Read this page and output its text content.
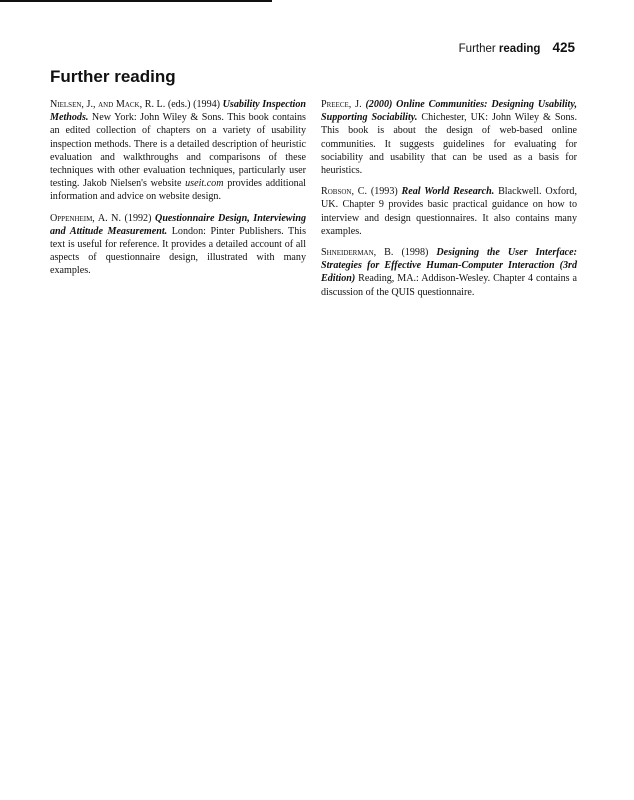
Further reading 425
Further reading

Nielsen, J., and Mack, R. L. (eds.) (1994) Usability Inspection Methods. New York: John Wiley & Sons. This book contains an edited collection of chapters on a variety of usability inspection methods. There is a detailed description of heuristic evaluation and walkthroughs and comparisons of these techniques with other evaluation techniques, particularly user testing. Jakob Nielsen's website useit.com provides additional information and advice on website design.

Oppenheim, A. N. (1992) Questionnaire Design, Interviewing and Attitude Measurement. London: Pinter Publishers. This text is useful for reference. It provides a detailed account of all aspects of questionnaire design, illustrated with many examples.

Preece, J. (2000) Online Communities: Designing Usability, Supporting Sociability. Chichester, UK: John Wiley & Sons. This book is about the design of web-based online communities. It suggests guidelines for evaluating for sociability and usability that can be used as a basis for heuristics.

Robson, C. (1993) Real World Research. Blackwell. Oxford, UK. Chapter 9 provides basic practical guidance on how to interview and design questionnaires. It also contains many examples.

Shneiderman, B. (1998) Designing the User Interface: Strategies for Effective Human-Computer Interaction (3rd Edition) Reading, MA.: Addison-Wesley. Chapter 4 contains a discussion of the QUIS questionnaire.
